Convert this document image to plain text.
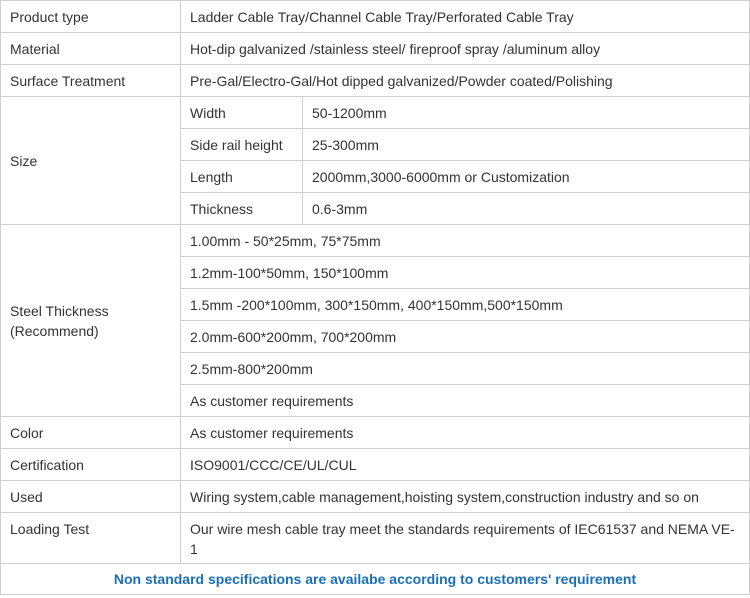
Product type	Ladder Cable Tray/Channel Cable Tray/Perforated Cable Tray	
Material	Hot-dip galvanized /stainless steel/ fireproof spray /aluminum alloy	
Surface Treatment	Pre-Gal/Electro-Gal/Hot dipped galvanized/Powder coated/Polishing	
Size	Width	50-1200mm
	Side rail height	25-300mm
	Length	2000mm,3000-6000mm or Customization
	Thickness	0.6-3mm
Steel Thickness
(Recommend)	1.00mm - 50*25mm, 75*75mm	
	1.2mm-100*50mm, 150*100mm	
	1.5mm -200*100mm, 300*150mm, 400*150mm,500*150mm	
	2.0mm-600*200mm, 700*200mm	
	2.5mm-800*200mm	
	As customer requirements	
Color	As customer requirements	
Certification	ISO9001/CCC/CE/UL/CUL	
Used	Wiring system,cable management,hoisting system,construction industry and so on	
Loading Test	Our wire mesh cable tray meet the standards requirements of IEC61537 and NEMA VE-1	
Non standard specifications are availabe according to customers' requirement		
